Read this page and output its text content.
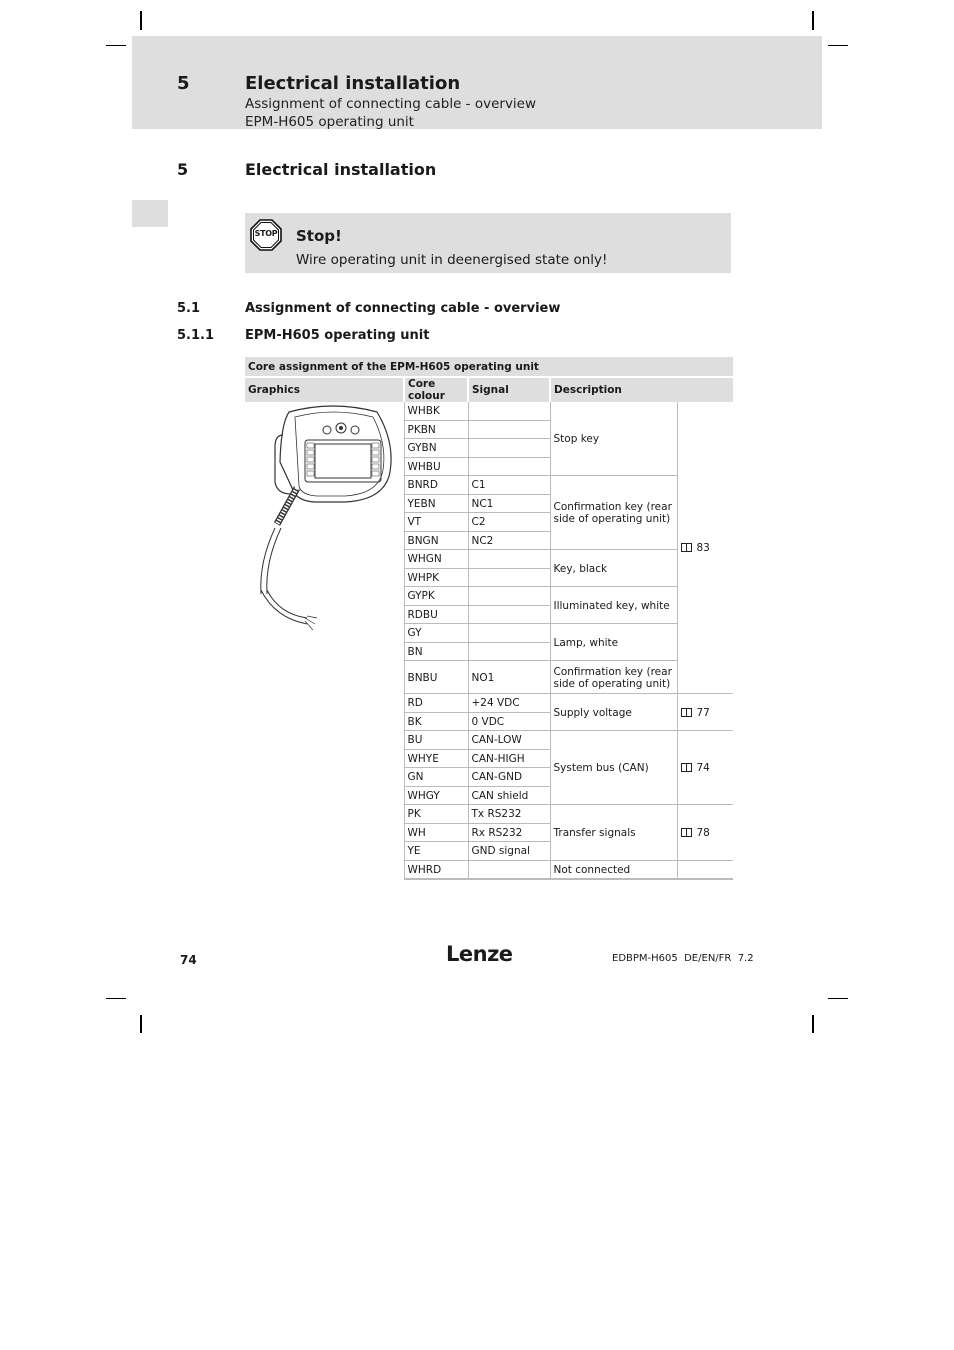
5	Electrical installation
Assignment of connecting cable - overview
EPM-H605 operating unit
5	Electrical installation
STOP	Stop!
Wire operating unit in deenergised state only!
5.1	Assignment of connecting cable - overview
5.1.1 EPM-H605 operating unit
Core assignment of the EPM-H605 operating unit				
Graphics	Core colour	Signal	Description	
	WHBK		Stop key	83
	PKBN			
	GYBN			
	WHBU			
	BNRD	C1	Confirmation key (rear side of operating unit)	
	YEBN	NC1		
	VT	C2		
	BNGN	NC2		
	WHGN		Key, black	
	WHPK			
	GYPK		Illuminated key, white	
	RDBU			
	GY		Lamp, white	
	BN			
	BNBU	NO1	Confirmation key (rear side of operating unit)	
	RD	+24 VDC	Supply voltage	77
	BK	0 VDC		
	BU	CAN-LOW	System bus (CAN)	74
	WHYE	CAN-HIGH		
	GN	CAN-GND		
	WHGY	CAN shield		
	PK	Tx RS232	Transfer signals	78
	WH	Rx RS232		
	YE	GND signal		
	WHRD		Not connected	
74	Lenze	EDBPM-H605  DE/EN/FR  7.2
